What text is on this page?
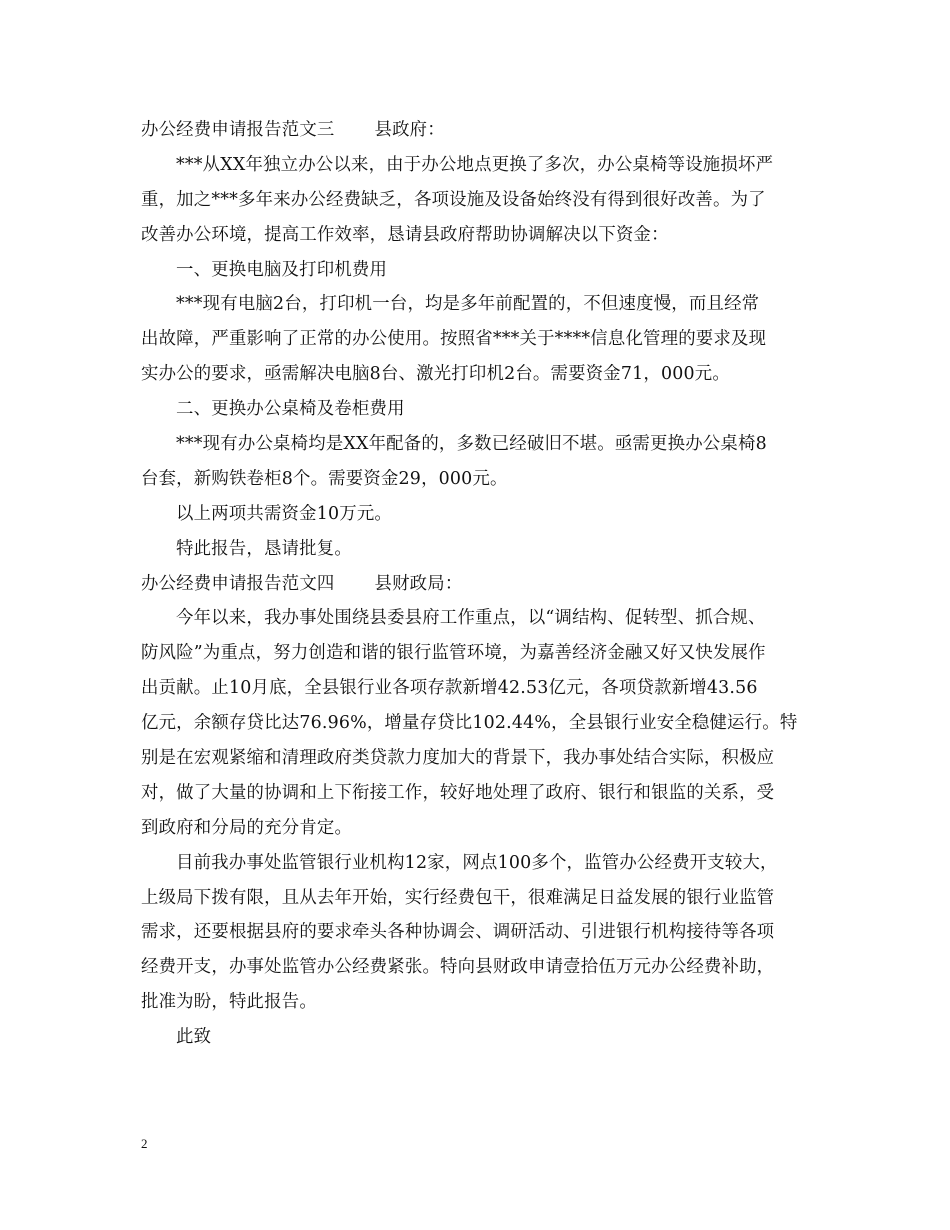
办公经费申请报告范文三 县政府：
***从XX年独立办公以来，由于办公地点更换了多次，办公桌椅等设施损坏严
重，加之***多年来办公经费缺乏，各项设施及设备始终没有得到很好改善。为了
改善办公环境，提高工作效率，恳请县政府帮助协调解决以下资金：
一、更换电脑及打印机费用
***现有电脑2台，打印机一台，均是多年前配置的，不但速度慢，而且经常
出故障，严重影响了正常的办公使用。按照省***关于****信息化管理的要求及现
实办公的要求，亟需解决电脑8台、激光打印机2台。需要资金71，000元。
二、更换办公桌椅及卷柜费用
***现有办公桌椅均是XX年配备的，多数已经破旧不堪。亟需更换办公桌椅8
台套，新购铁卷柜8个。需要资金29，000元。
以上两项共需资金10万元。
特此报告，恳请批复。
办公经费申请报告范文四 县财政局：
今年以来，我办事处围绕县委县府工作重点，以“调结构、促转型、抓合规、
防风险”为重点，努力创造和谐的银行监管环境，为嘉善经济金融又好又快发展作
出贡献。止10月底，全县银行业各项存款新增42.53亿元，各项贷款新增43.56
亿元，余额存贷比达76.96%，增量存贷比102.44%，全县银行业安全稳健运行。特
别是在宏观紧缩和清理政府类贷款力度加大的背景下，我办事处结合实际，积极应
对，做了大量的协调和上下衔接工作，较好地处理了政府、银行和银监的关系，受
到政府和分局的充分肯定。
目前我办事处监管银行业机构12家，网点100多个，监管办公经费开支较大，
上级局下拨有限，且从去年开始，实行经费包干，很难满足日益发展的银行业监管
需求，还要根据县府的要求牵头各种协调会、调研活动、引进银行机构接待等各项
经费开支，办事处监管办公经费紧张。特向县财政申请壹拾伍万元办公经费补助，
批准为盼，特此报告。
此致
2
